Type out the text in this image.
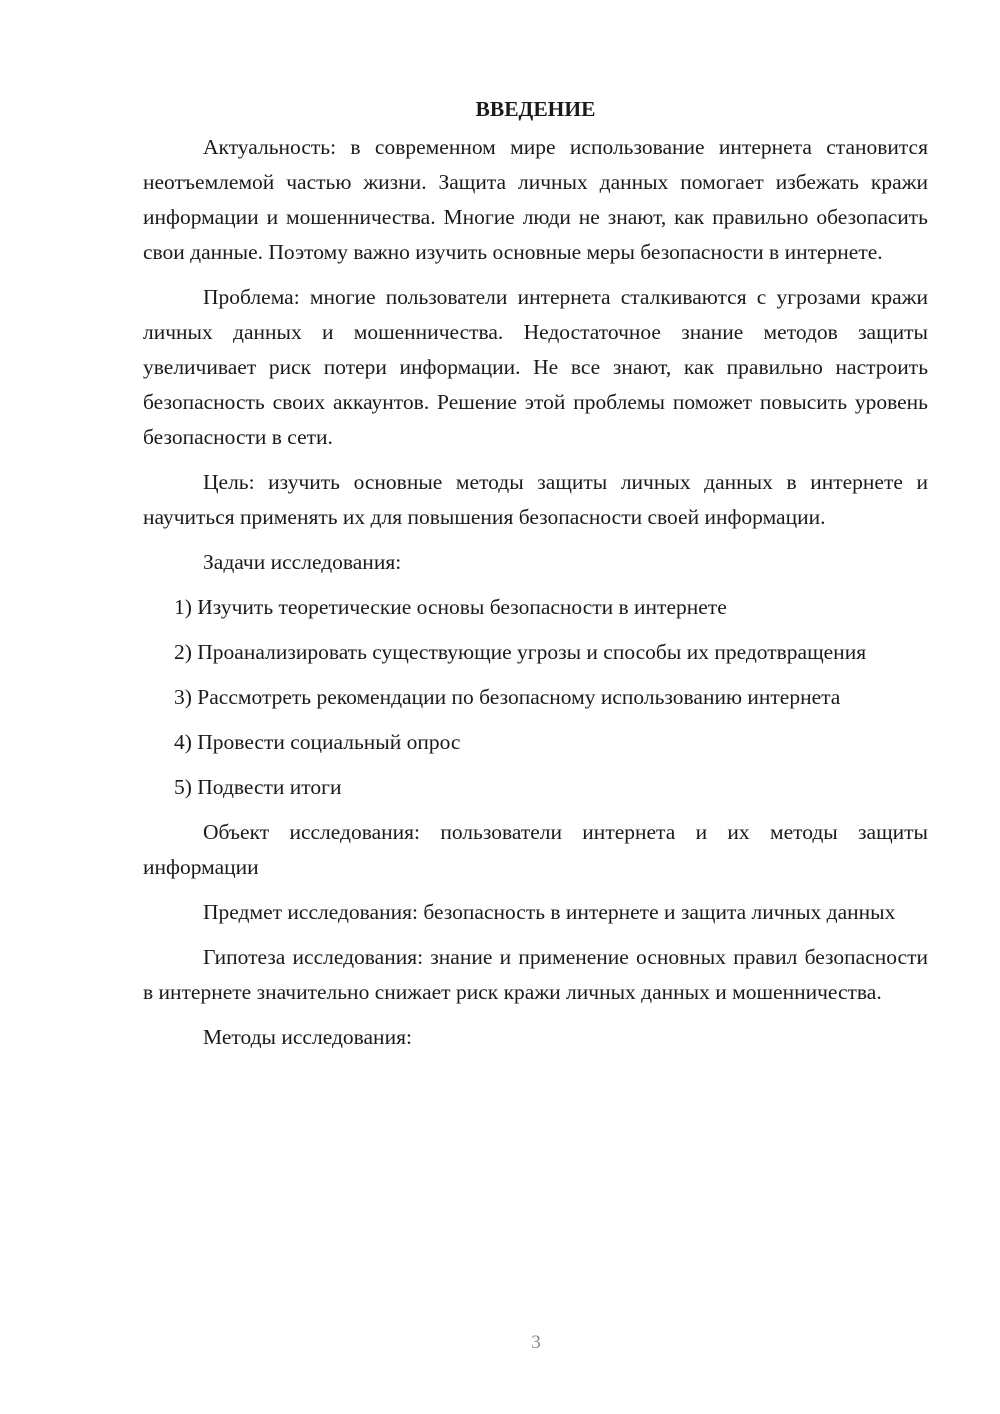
ВВЕДЕНИЕ

Актуальность: в современном мире использование интернета становится неотъемлемой частью жизни. Защита личных данных помогает избежать кражи информации и мошенничества. Многие люди не знают, как правильно обезопасить свои данные. Поэтому важно изучить основные меры безопасности в интернете.

Проблема: многие пользователи интернета сталкиваются с угрозами кражи личных данных и мошенничества. Недостаточное знание методов защиты увеличивает риск потери информации. Не все знают, как правильно настроить безопасность своих аккаунтов. Решение этой проблемы поможет повысить уровень безопасности в сети.

Цель: изучить основные методы защиты личных данных в интернете и научиться применять их для повышения безопасности своей информации.

Задачи исследования:

1) Изучить теоретические основы безопасности в интернете

2) Проанализировать существующие угрозы и способы их предотвращения

3) Рассмотреть рекомендации по безопасному использованию интернета

4) Провести социальный опрос

5) Подвести итоги

Объект исследования: пользователи интернета и их методы защиты информации

Предмет исследования: безопасность в интернете и защита личных данных

Гипотеза исследования: знание и применение основных правил безопасности в интернете значительно снижает риск кражи личных данных и мошенничества.

Методы исследования:

3
